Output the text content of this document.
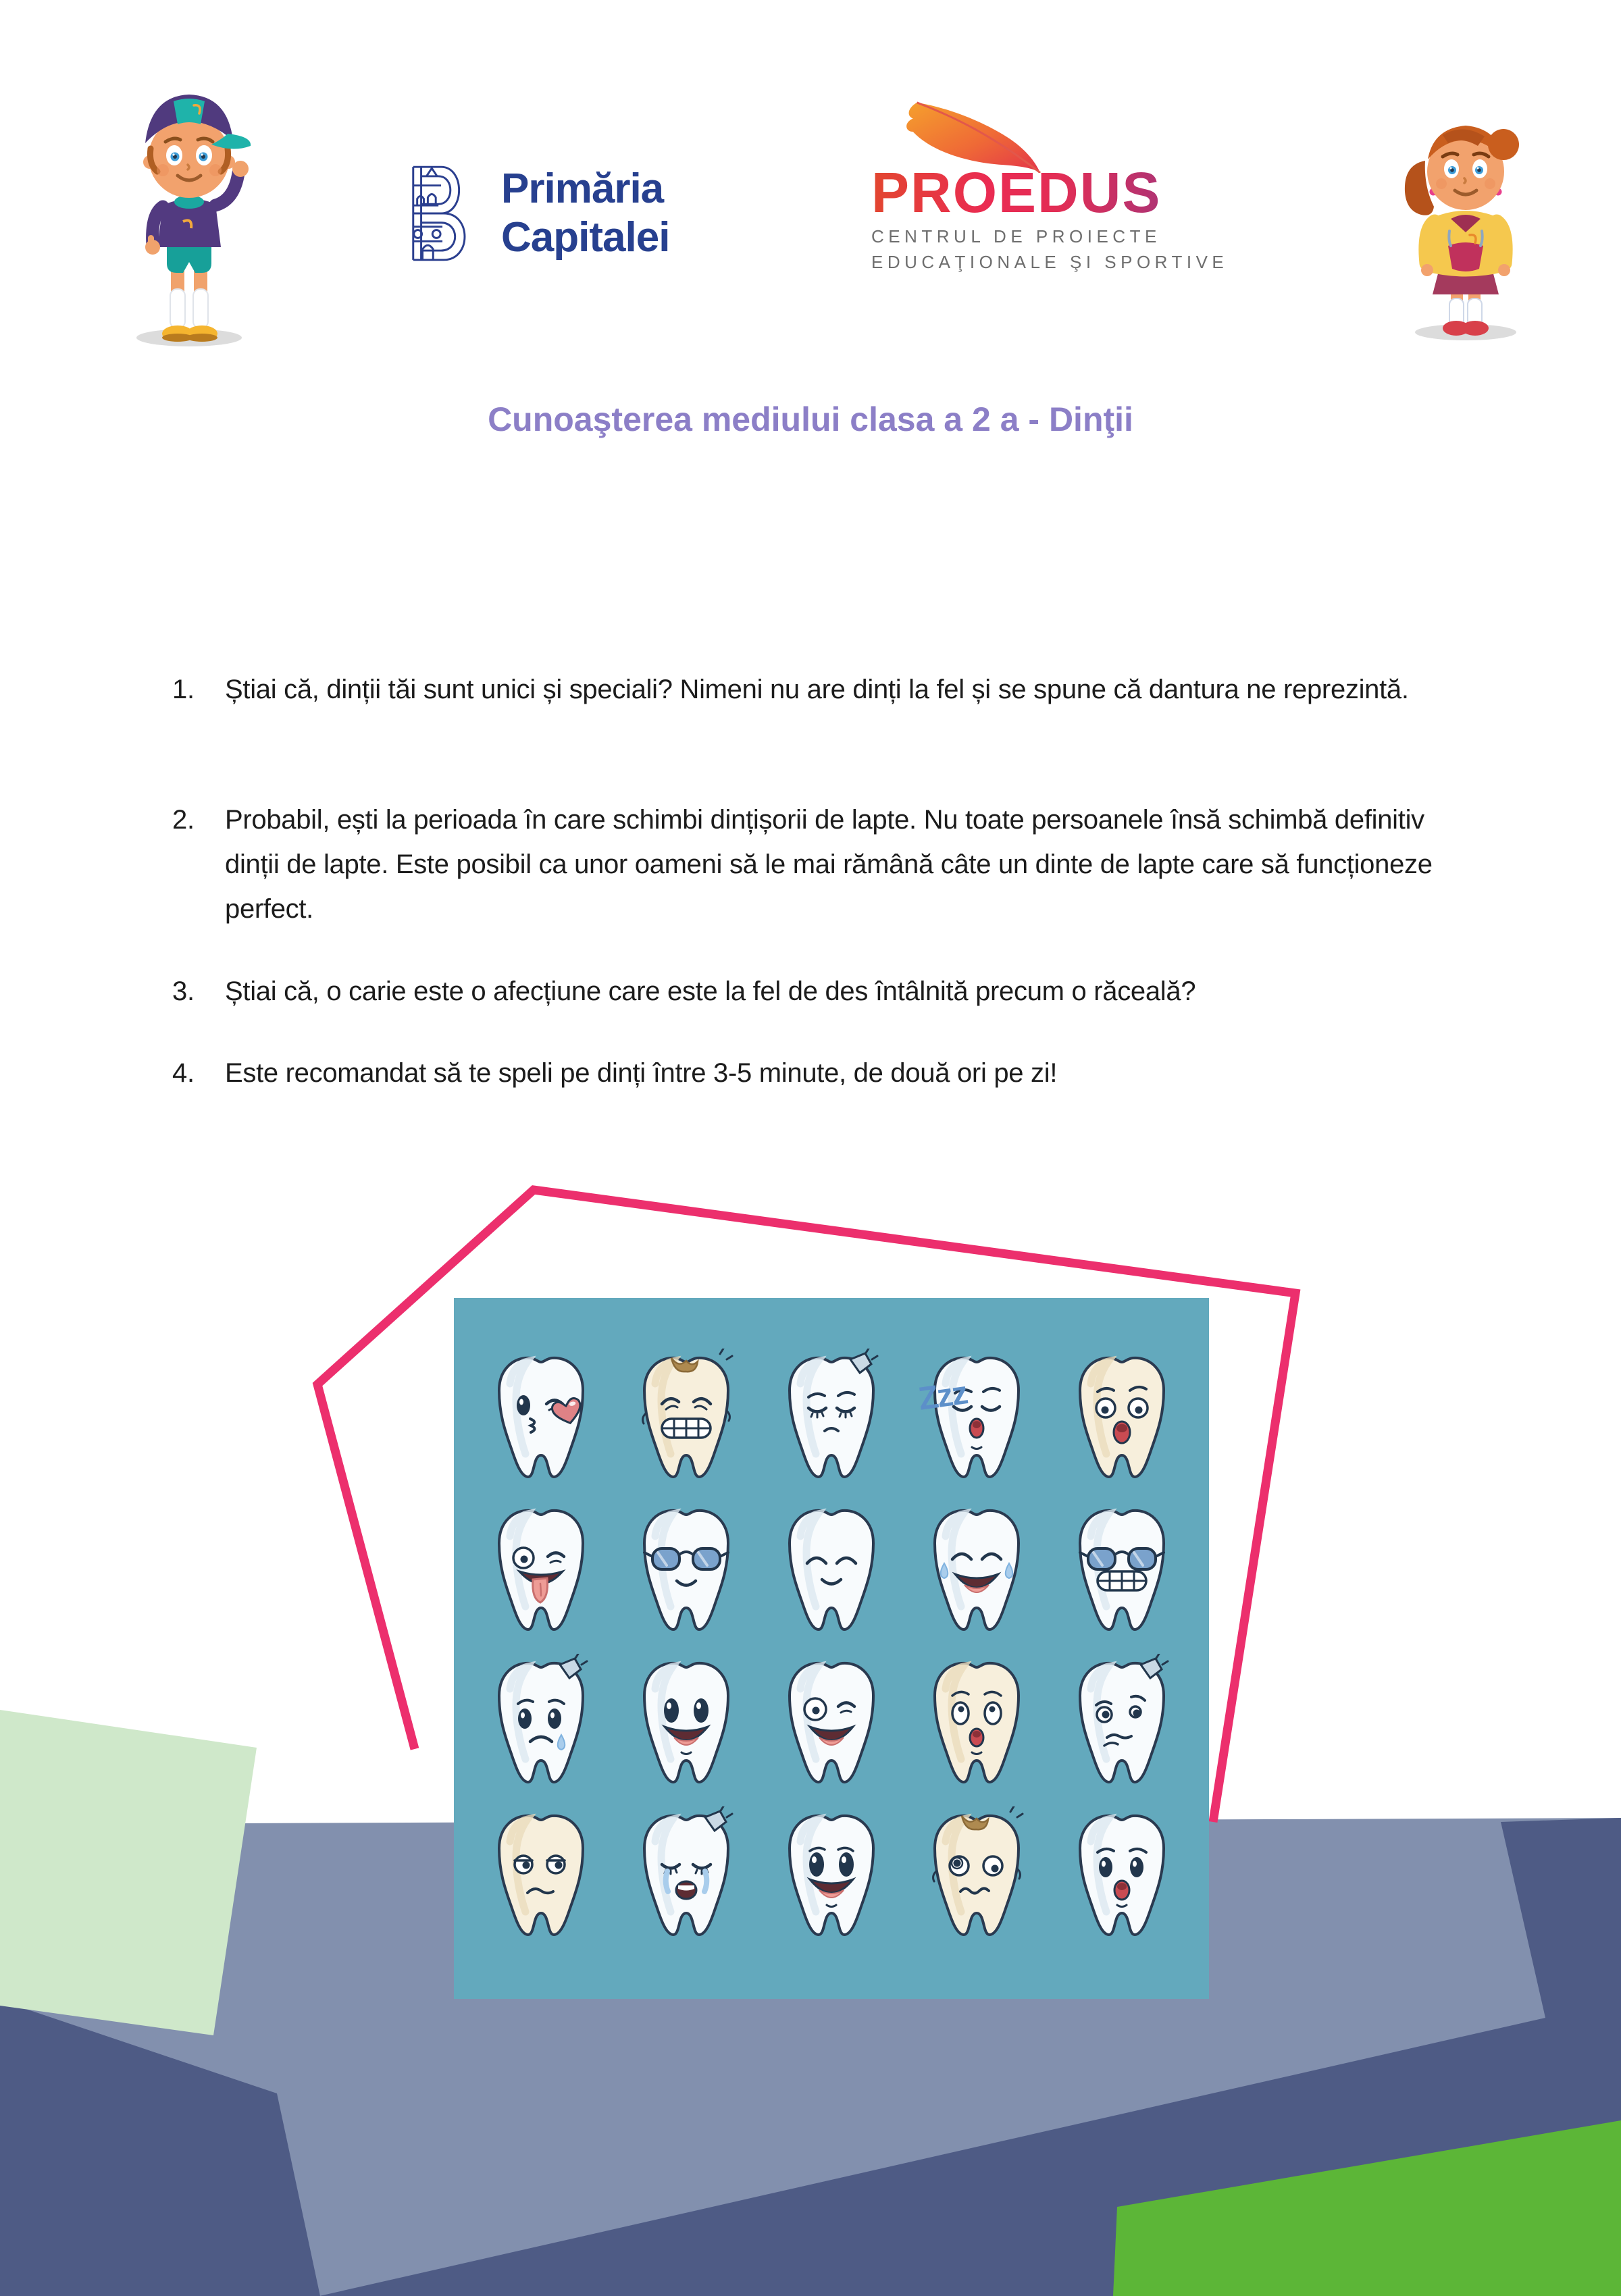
Primăria
Capitalei
PROEDUS
CENTRUL DE PROIECTE
EDUCAŢIONALE ŞI SPORTIVE
Cunoaşterea mediului clasa a 2 a - Dinţii
1.	Știai că, dinții tăi sunt unici și speciali? Nimeni nu are dinți la fel și se spune că dantura ne reprezintă.
2.	Probabil, ești la perioada în care schimbi dințișorii de lapte. Nu toate persoanele însă schimbă definitiv dinții de lapte. Este posibil ca unor oameni să le mai rămână câte un dinte de lapte care să funcționeze perfect.
3.	Știai că, o carie este o afecțiune care este la fel de des întâlnită precum o răceală?
4.	Este recomandat să te speli pe dinți între 3-5 minute, de două ori pe zi!
Zzz
